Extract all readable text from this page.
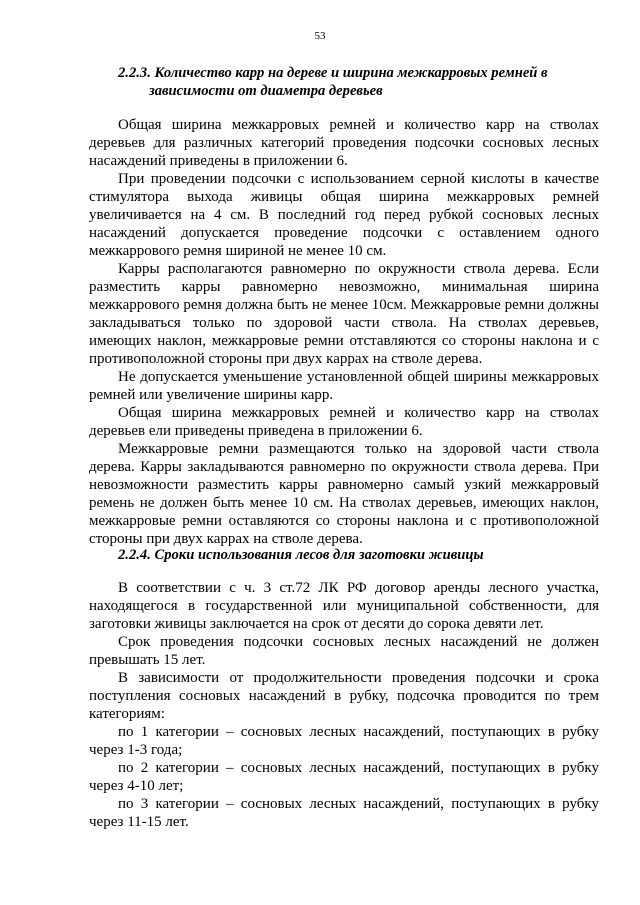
53
2.2.3. Количество карр на дереве и ширина межкарровых ремней в
зависимости от диаметра деревьев

Общая ширина межкарровых ремней и количество карр на стволах деревьев для различных категорий проведения подсочки сосновых лесных насаждений приведены в приложении 6.

При проведении подсочки с использованием серной кислоты в качестве стимулятора выхода живицы общая ширина межкарровых ремней увеличивается на 4 см. В последний год перед рубкой сосновых лесных насаждений допускается проведение подсочки с оставлением одного межкаррового ремня шириной не менее 10 см.

Карры располагаются равномерно по окружности ствола дерева. Если разместить карры равномерно невозможно, минимальная ширина межкаррового ремня должна быть не менее 10см. Межкарровые ремни должны закладываться только по здоровой части ствола. На стволах деревьев, имеющих наклон, межкарровые ремни отставляются со стороны наклона и с противоположной стороны при двух каррах на стволе дерева.

Не допускается уменьшение установленной общей ширины межкарровых ремней или увеличение ширины карр.

Общая ширина межкарровых ремней и количество карр на стволах деревьев ели приведены приведена в приложении 6.

Межкарровые ремни размещаются только на здоровой части ствола дерева. Карры закладываются равномерно по окружности ствола дерева. При невозможности разместить карры равномерно самый узкий межкарровый ремень не должен быть менее 10 см. На стволах деревьев, имеющих наклон, межкарровые ремни оставляются со стороны наклона и с противоположной стороны при двух каррах на стволе дерева.

2.2.4. Сроки использования лесов для заготовки живицы

В соответствии с ч. 3 ст.72 ЛК РФ договор аренды лесного участка, находящегося в государственной или муниципальной собственности, для заготовки живицы заключается на срок от десяти до сорока девяти лет.

Срок проведения подсочки сосновых лесных насаждений не должен превышать 15 лет.

В зависимости от продолжительности проведения подсочки и срока поступления сосновых насаждений в рубку, подсочка проводится по трем категориям:

по 1 категории – сосновых лесных насаждений, поступающих в рубку через 1-3 года;

по 2 категории – сосновых лесных насаждений, поступающих в рубку через 4-10 лет;

по 3 категории – сосновых лесных насаждений, поступающих в рубку через 11-15 лет.
